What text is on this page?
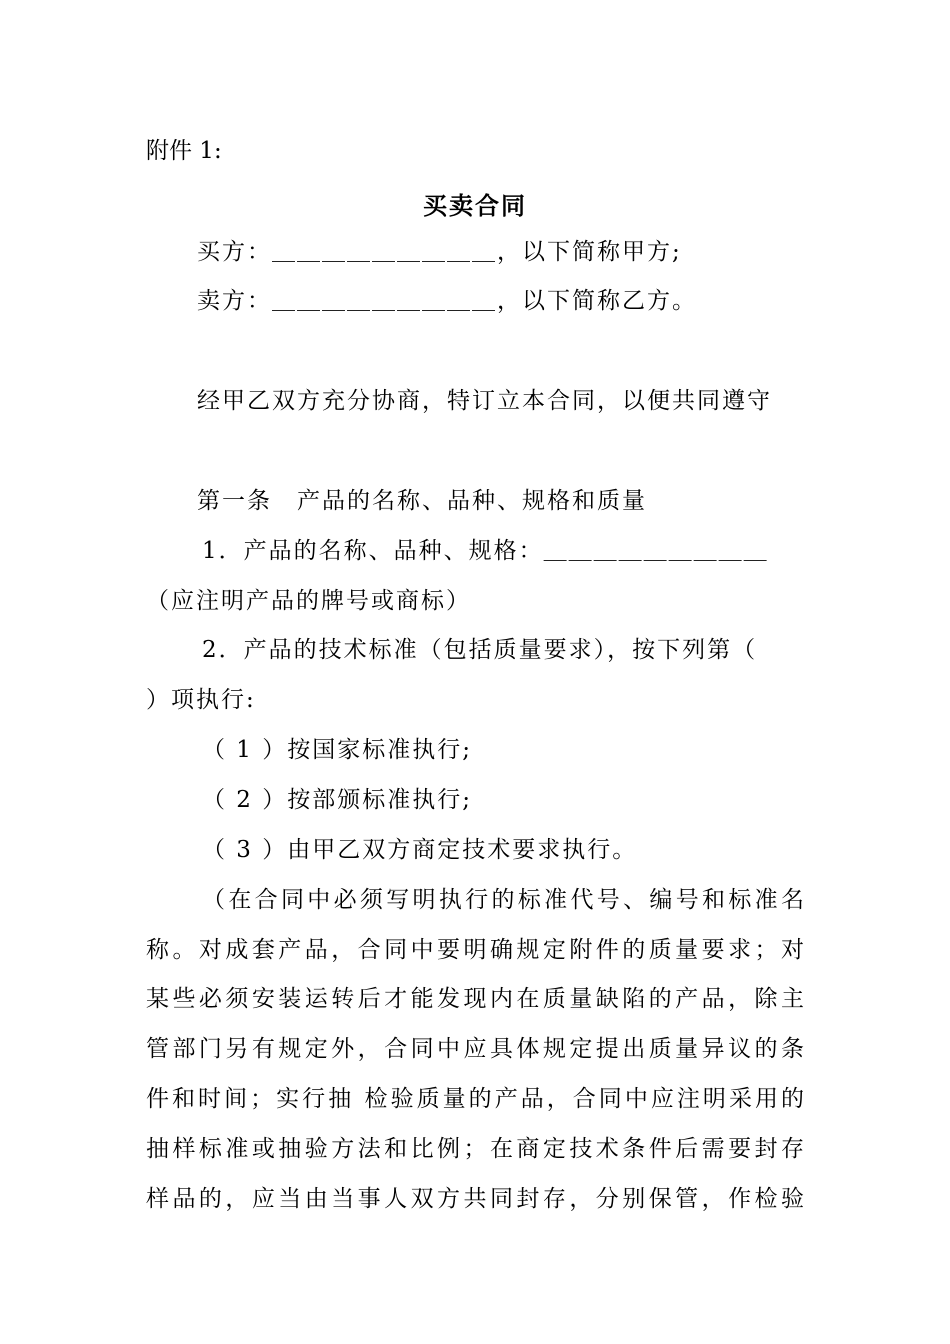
附件 1:
买卖合同
买方：＿＿＿＿＿＿＿＿＿，以下简称甲方;
卖方：＿＿＿＿＿＿＿＿＿，以下简称乙方。
经甲乙双方充分协商，特订立本合同，以便共同遵守
第一条　产品的名称、品种、规格和质量
1．产品的名称、品种、规格：＿＿＿＿＿＿＿＿＿
（应注明产品的牌号或商标）
2．产品的技术标准（包括质量要求），按下列第（
）项执行:
（ 1 ）按国家标准执行;
（ 2 ）按部颁标准执行;
（ 3 ）由甲乙双方商定技术要求执行。
（在合同中必须写明执行的标准代号、编号和标准名
称。对成套产品，合同中要明确规定附件的质量要求；对
某些必须安装运转后才能发现内在质量缺陷的产品，除主
管部门另有规定外，合同中应具体规定提出质量异议的条
件和时间；实行抽 检验质量的产品，合同中应注明采用的
抽样标准或抽验方法和比例；在商定技术条件后需要封存
样品的，应当由当事人双方共同封存，分别保管，作检验
